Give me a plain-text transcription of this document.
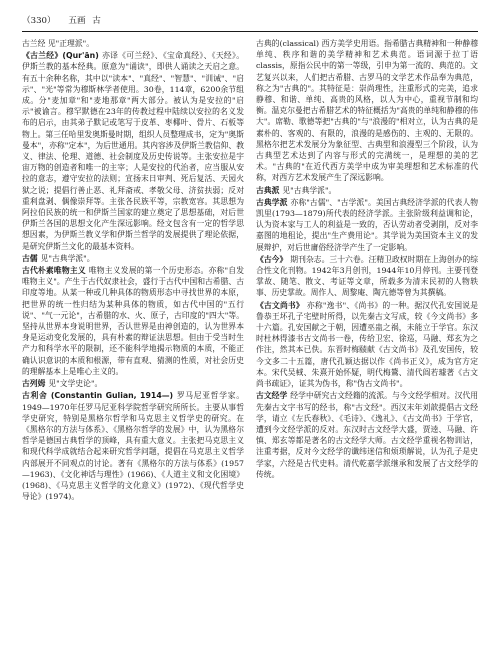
（330） 五画 古

古兰经 见"正理派"。

《古兰经》(Qur'ān) 亦译《可兰经》、《宝命真经》、《天经》。伊斯兰教的基本经典。原意为"诵读"，即供人诵读之天启之意。有五十余种名称，其中以"读本"、"真经"、"智慧"、"训诫"、"启示"、"光"等常为穆斯林学者使用。30卷，114章，6200余节组成。分"麦加章"和"麦地那章"两大部分。被认为是安拉的"启示"被谕言。穆罕默德在23年的传教过程中陆续以安拉的名义发布的启示，由其弟子默记或笔写于皮革、枣椰叶、骨片、石板等物上。第三任哈里发奥斯曼时期，组织人员整理成书，定为"奥斯曼本"，亦称"定本"，为后世通用。其内容涉及伊斯兰教信仰、教义、律法、伦理、道德、社会制度及历史传说等。主张安拉是宇宙万物的创造者和唯一的主宰；人是安拉的代治者，应当服从安拉的意志，遵守安拉的法则；宣扬末日审判、死后复活、天园火狱之说；提倡行善止恶、礼拜斋戒、孝敬父母、济贫扶弱；反对重利盘剥、偶像崇拜等。主张各民族平等，宗教宽容。其思想为阿拉伯民族的统一和伊斯兰国家的建立奠定了思想基础，对后世伊斯兰各国的思想文化产生深远影响。经文包含有一定的哲学思想因素，为伊斯兰教义学和伊斯兰哲学的发展提供了理论依据，是研究伊斯兰文化的最基本资料。

古儒 见"古典学派"。

古代朴素唯物主义 唯物主义发展的第一个历史形态。亦称"自发唯物主义"。产生于古代奴隶社会，盛行于古代中国和古希腊、古印度等地。从某一种或几种具体的物质形态中寻找世界的本原，把世界的统一性归结为某种具体的物质，如古代中国的"五行说"、"气一元论"，古希腊的水、火、原子，古印度的"四大"等。坚持从世界本身说明世界，否认世界是由神创造的，认为世界本身是运动变化发展的，具有朴素的辩证法思想。但由于受当时生产力和科学水平的限制，还不能科学地揭示物质的本质，不能正确认识意识的本质和根源，带有直观、猜测的性质，对社会历史的理解基本上是唯心主义的。

古列姆 见"文学史论"。

古利舍 (Constantin Gulian, 1914—) 罗马尼亚哲学家。1949—1970年任罗马尼亚科学院哲学研究所所长。主要从事哲学史研究，特别是黑格尔哲学和马克思主义哲学史的研究。在《黑格尔的方法与体系》、《黑格尔哲学的发展》中，认为黑格尔哲学是德国古典哲学的顶峰，具有重大意义。主张把马克思主义和现代科学成就结合起来研究哲学问题，提倡在马克思主义哲学内部展开不同观点的讨论。著有《黑格尔的方法与体系》(1957—1963)、《文化神话与理性》(1966)、《人道主义和文化困境》(1968)、《马克思主义哲学的文化意义》(1972)、《现代哲学史导论》(1974)。

古典的(classical) 西方美学史用语。指希腊古典精神和一种静穆单纯、秩序和谐的美学精神和艺术典范。语词源于拉丁语classis，原指公民中的第一等级，引申为第一流的、典范的。文艺复兴以来，人们把古希腊、古罗马的文学艺术作品奉为典范，称之为"古典的"。其特征是：崇尚理性，注重形式的完美，追求静穆、和谐、单纯、高贵的风格，以人为中心，重视节制和均衡。温克尔曼把古希腊艺术的特征概括为"高贵的单纯和静穆的伟大"。席勒、歌德等把"古典的"与"浪漫的"相对立，认为古典的是素朴的、客观的、有限的，浪漫的是感伤的、主观的、无限的。黑格尔把艺术发展分为象征型、古典型和浪漫型三个阶段，认为古典型艺术达到了内容与形式的完满统一，是理想的美的艺术。"古典的"在近代西方美学中成为审美理想和艺术标准的代称，对西方艺术发展产生了深远影响。

古典派 见"古典学派"。

古典学派 亦称"古儒"、"古学派"。美国古典经济学派的代表人物凯里(1793—1879)所代表的经济学派。主张阶级利益调和论，认为资本家与工人的利益是一致的，否认劳动者受剥削，反对李嘉图的地租论，提出"生产费用论"。其学说为美国资本主义的发展辩护，对后世庸俗经济学产生了一定影响。

《古今》 期刊杂志。三十六卷。汪精卫政权时期在上海创办的综合性文化刊物。1942年3月创刊，1944年10月停刊。主要刊登掌故、随笔、散文、考证等文章，所载多为清末民初的人物轶事、历史掌故。周作人、周黎庵、陶亢德等曾为其撰稿。

《古文尚书》 亦称"逸书"、《尚书》的一种。据汉代孔安国说是鲁恭王坏孔子宅壁时所得，以先秦古文写成，较《今文尚书》多十六篇。孔安国献之于朝，因遭巫蛊之祸，未能立于学官。东汉时杜林得漆书古文尚书一卷，传给卫宏、徐巡，马融、郑玄为之作注，然其本已佚。东晋时梅赜献《古文尚书》及孔安国传，较今文多二十五篇，唐代孔颖达据以作《尚书正义》，成为官方定本。宋代吴棫、朱熹开始怀疑，明代梅鷟、清代阎若璩著《古文尚书疏证》，证其为伪书，称"伪古文尚书"。

古文经学 经学中研究古文经籍的流派。与今文经学相对。汉代用先秦古文字书写的经书，称"古文经"。西汉末年刘歆提倡古文经学，请立《左氏春秋》、《毛诗》、《逸礼》、《古文尚书》于学官，遭到今文经学派的反对。东汉时古文经学大盛，贾逵、马融、许慎、郑玄等都是著名的古文经学大师。古文经学重视名物训诂，注重考据，反对今文经学的谶纬迷信和烦琐解说，认为孔子是史学家，六经是古代史料。清代乾嘉学派继承和发展了古文经学的传统。
